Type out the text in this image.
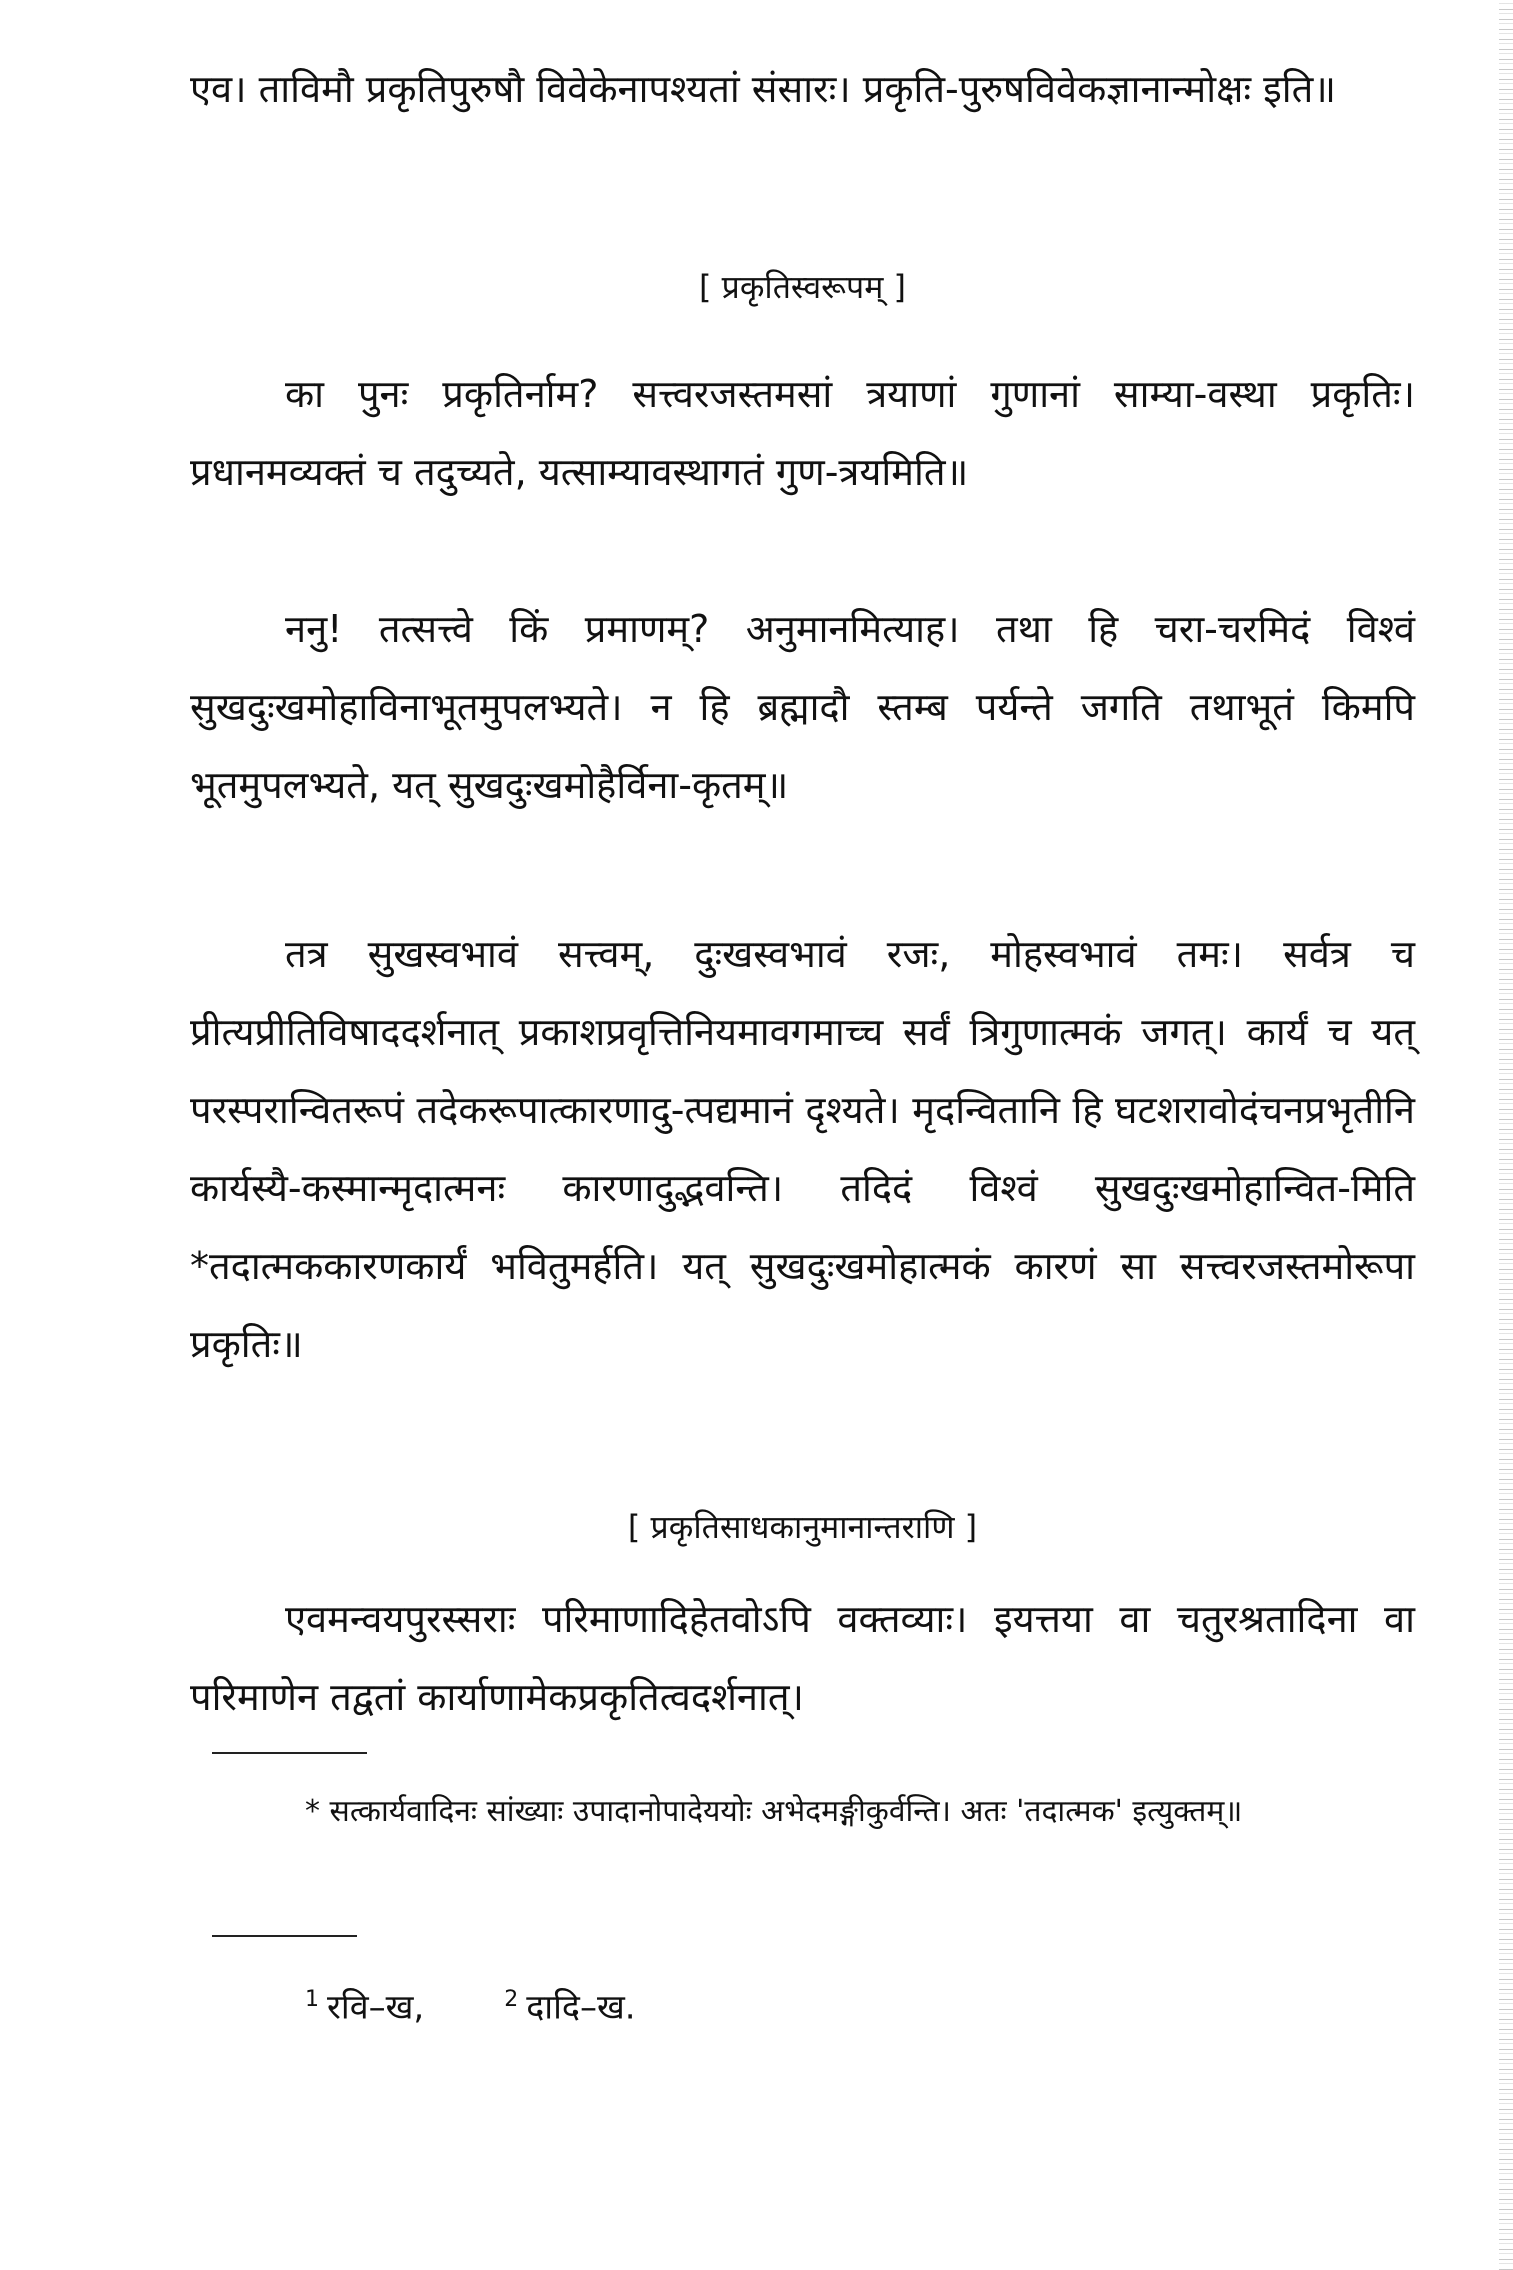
एव। ताविमौ प्रकृतिपुरुषौ विवेकेनापश्यतां संसारः। प्रकृति-पुरुषविवेकज्ञानान्मोक्षः इति॥

[ प्रकृतिस्वरूपम् ]

का पुनः प्रकृतिर्नाम? सत्त्वरजस्तमसां त्रयाणां गुणानां साम्या-वस्था प्रकृतिः। प्रधानमव्यक्तं च तदुच्यते, यत्साम्यावस्थागतं गुण-त्रयमिति॥

ननु! तत्सत्त्वे किं प्रमाणम्? अनुमानमित्याह। तथा हि चरा-चरमिदं विश्वं सुखदुःखमोहाविनाभूतमुपलभ्यते। न हि ब्रह्मादौ स्तम्ब पर्यन्ते जगति तथाभूतं किमपि भूतमुपलभ्यते, यत् सुखदुःखमोहैर्विना-कृतम्॥

तत्र सुखस्वभावं सत्त्वम्, दुःखस्वभावं रजः, मोहस्वभावं तमः। सर्वत्र च प्रीत्यप्रीतिविषाददर्शनात् प्रकाशप्रवृत्तिनियमावगमाच्च सर्वं त्रिगुणात्मकं जगत्। कार्यं च यत् परस्परान्वितरूपं तदेकरूपात्कारणादु-त्पद्यमानं दृश्यते। मृदन्वितानि हि घटशरावोदंचनप्रभृतीनि कार्यस्यै-कस्मान्मृदात्मनः कारणादुद्भवन्ति। तदिदं विश्वं सुखदुःखमोहान्वित-मिति *तदात्मककारणकार्यं भवितुमर्हति। यत् सुखदुःखमोहात्मकं कारणं सा सत्त्वरजस्तमोरूपा प्रकृतिः॥

[ प्रकृतिसाधकानुमानान्तराणि ]

एवमन्वयपुरस्सराः परिमाणादिहेतवोऽपि वक्तव्याः। इयत्तया वा चतुरश्रतादिना वा परिमाणेन तद्वतां कार्याणामेकप्रकृतित्वदर्शनात्।

* सत्कार्यवादिनः सांख्याः उपादानोपादेययोः अभेदमङ्गीकुर्वन्ति। अतः 'तदात्मक' इत्युक्तम्॥

$^1$ रवि–ख,	$^2$ दादि–ख.
